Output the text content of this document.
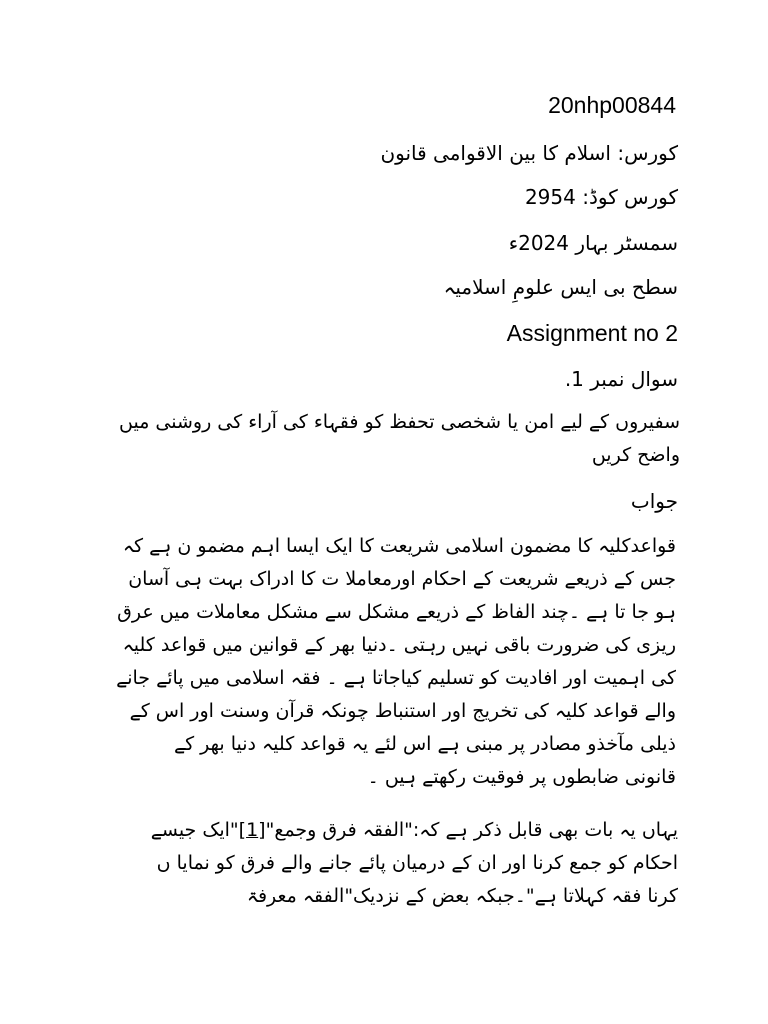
20nhp00844
کورس: اسلام کا بین الاقوامی قانون
کورس کوڈ: 2954
سمسٹر بہار 2024ء
سطح بی ایس علومِ اسلامیہ
Assignment no 2
سوال نمبر 1.
سفیروں کے لیے امن یا شخصی تحفظ کو فقہاء کی آراء کی روشنی میں
واضح کریں
جواب
قواعدکلیہ کا مضمون اسلامی شریعت کا ایک ایسا اہم مضمو ن ہے کہ
جس کے ذریعے شریعت کے احکام اورمعاملا ت کا ادراک بہت ہی آسان
ہو جا تا ہے ۔چند الفاظ کے ذریعے مشکل سے مشکل معاملات میں عرق
ریزی کی ضرورت باقی نہیں رہتی ۔دنیا بھر کے قوانین میں قواعد کلیہ
کی اہمیت اور افادیت کو تسلیم کیاجاتا ہے ۔ فقہ اسلامی میں پائے جانے
والے قواعد کلیہ کی تخریج اور استنباط چونکہ قرآن وسنت اور اس کے
ذیلی مآخذو مصادر پر مبنی ہے اس لئے یہ قواعد کلیہ دنیا بھر کے
قانونی ضابطوں پر فوقیت رکھتے ہیں ۔
یہاں یہ بات بھی قابل ذکر ہے کہ:"الفقہ فرق وجمع"[1]"ایک جیسے
احکام کو جمع کرنا اور ان کے درمیان پائے جانے والے فرق کو نمایا ں
کرنا فقہ کہلاتا ہے"۔جبکہ بعض کے نزدیک"الفقہ معرفۃ
